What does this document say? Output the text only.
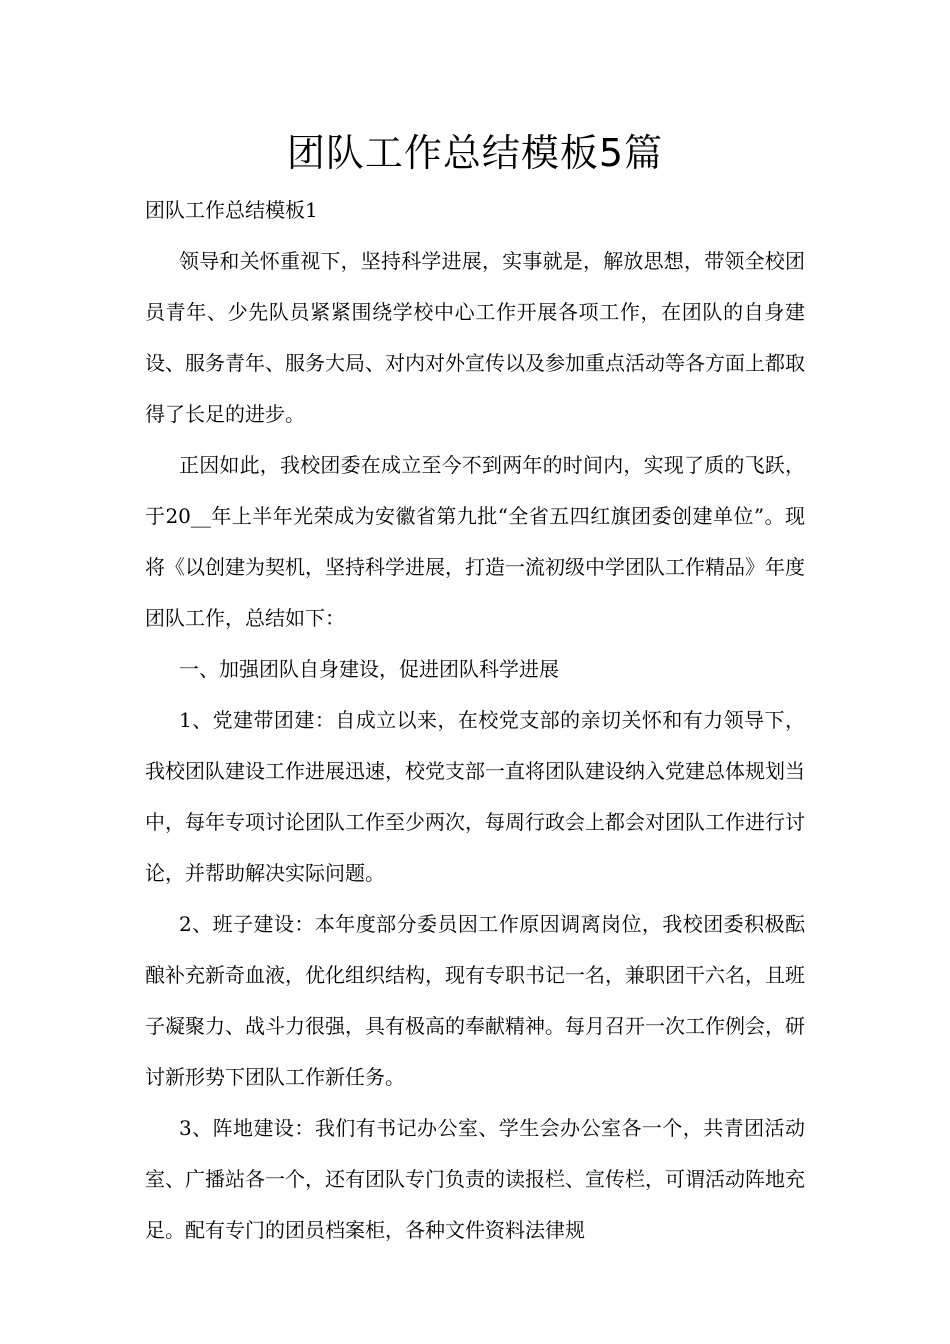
团队工作总结模板5篇

团队工作总结模板1

领导和关怀重视下，坚持科学进展，实事就是，解放思想，带领全校团员青年、少先队员紧紧围绕学校中心工作开展各项工作，在团队的自身建设、服务青年、服务大局、对内对外宣传以及参加重点活动等各方面上都取得了长足的进步。

正因如此，我校团委在成立至今不到两年的时间内，实现了质的飞跃，于20__年上半年光荣成为安徽省第九批“全省五四红旗团委创建单位”。现将《以创建为契机，坚持科学进展，打造一流初级中学团队工作精品》年度团队工作，总结如下：

一、加强团队自身建设，促进团队科学进展

1、党建带团建：自成立以来，在校党支部的亲切关怀和有力领导下，我校团队建设工作进展迅速，校党支部一直将团队建设纳入党建总体规划当中，每年专项讨论团队工作至少两次，每周行政会上都会对团队工作进行讨论，并帮助解决实际问题。

2、班子建设：本年度部分委员因工作原因调离岗位，我校团委积极酝酿补充新奇血液，优化组织结构，现有专职书记一名，兼职团干六名，且班子凝聚力、战斗力很强，具有极高的奉献精神。每月召开一次工作例会，研讨新形势下团队工作新任务。

3、阵地建设：我们有书记办公室、学生会办公室各一个，共青团活动室、广播站各一个，还有团队专门负责的读报栏、宣传栏，可谓活动阵地充足。配有专门的团员档案柜，各种文件资料法律规
